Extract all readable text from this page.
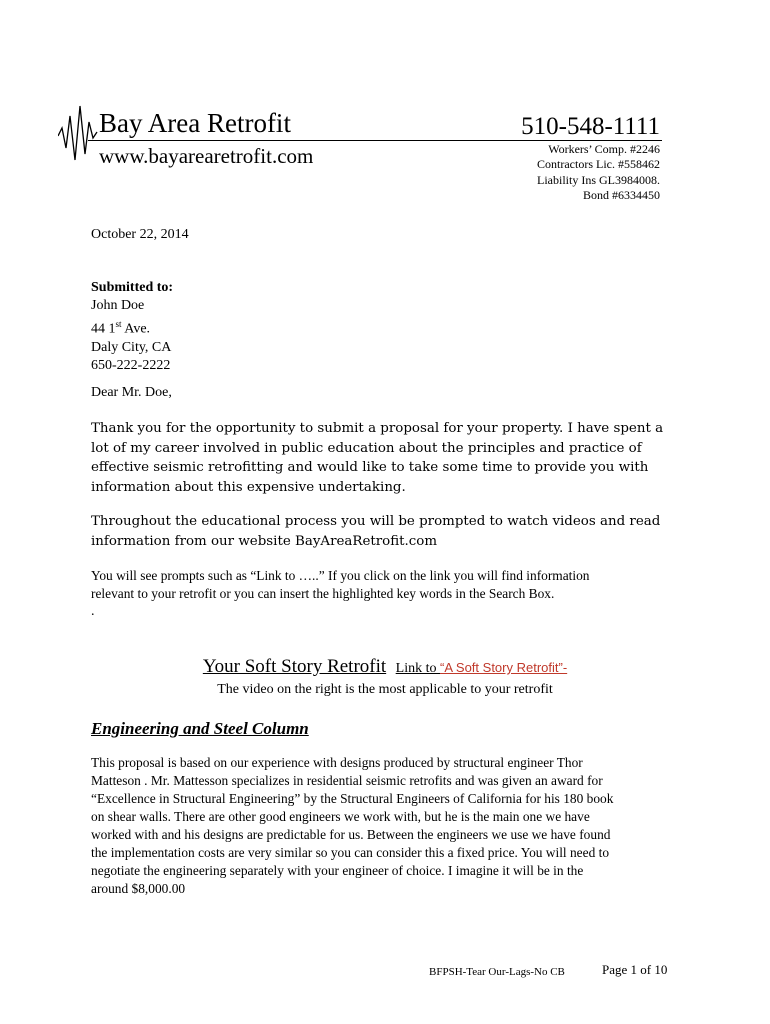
Bay Area Retrofit
www.bayarearetrofit.com
510-548-1111
Workers’ Comp. #2246
Contractors Lic. #558462
Liability Ins GL3984008.
Bond #6334450
October 22, 2014
Submitted to:
John Doe
44 1st Ave.
Daly City, CA
650-222-2222
Dear Mr. Doe,
Thank you for the opportunity to submit a proposal for your property. I have spent a
lot of my career involved in public education about the principles and practice of
effective seismic retrofitting and would like to take some time to provide you with
information about this expensive undertaking.
Throughout the educational process you will be prompted to watch videos and read
information from our website BayAreaRetrofit.com
You will see prompts such as “Link to …..” If you click on the link you will find information
relevant to your retrofit or you can insert the highlighted key words in the Search Box.
.
Your Soft Story Retrofit Link to “A Soft Story Retrofit”-
The video on the right is the most applicable to your retrofit
Engineering and Steel Column
This proposal is based on our experience with designs produced by structural engineer Thor
Matteson . Mr. Mattesson specializes in residential seismic retrofits and was given an award for
“Excellence in Structural Engineering” by the Structural Engineers of California for his 180 book
on shear walls. There are other good engineers we work with, but he is the main one we have
worked with and his designs are predictable for us. Between the engineers we use we have found
the implementation costs are very similar so you can consider this a fixed price. You will need to
negotiate the engineering separately with your engineer of choice. I imagine it will be in the
around $8,000.00
BFPSH-Tear Our-Lags-No CB	Page 1 of 10
